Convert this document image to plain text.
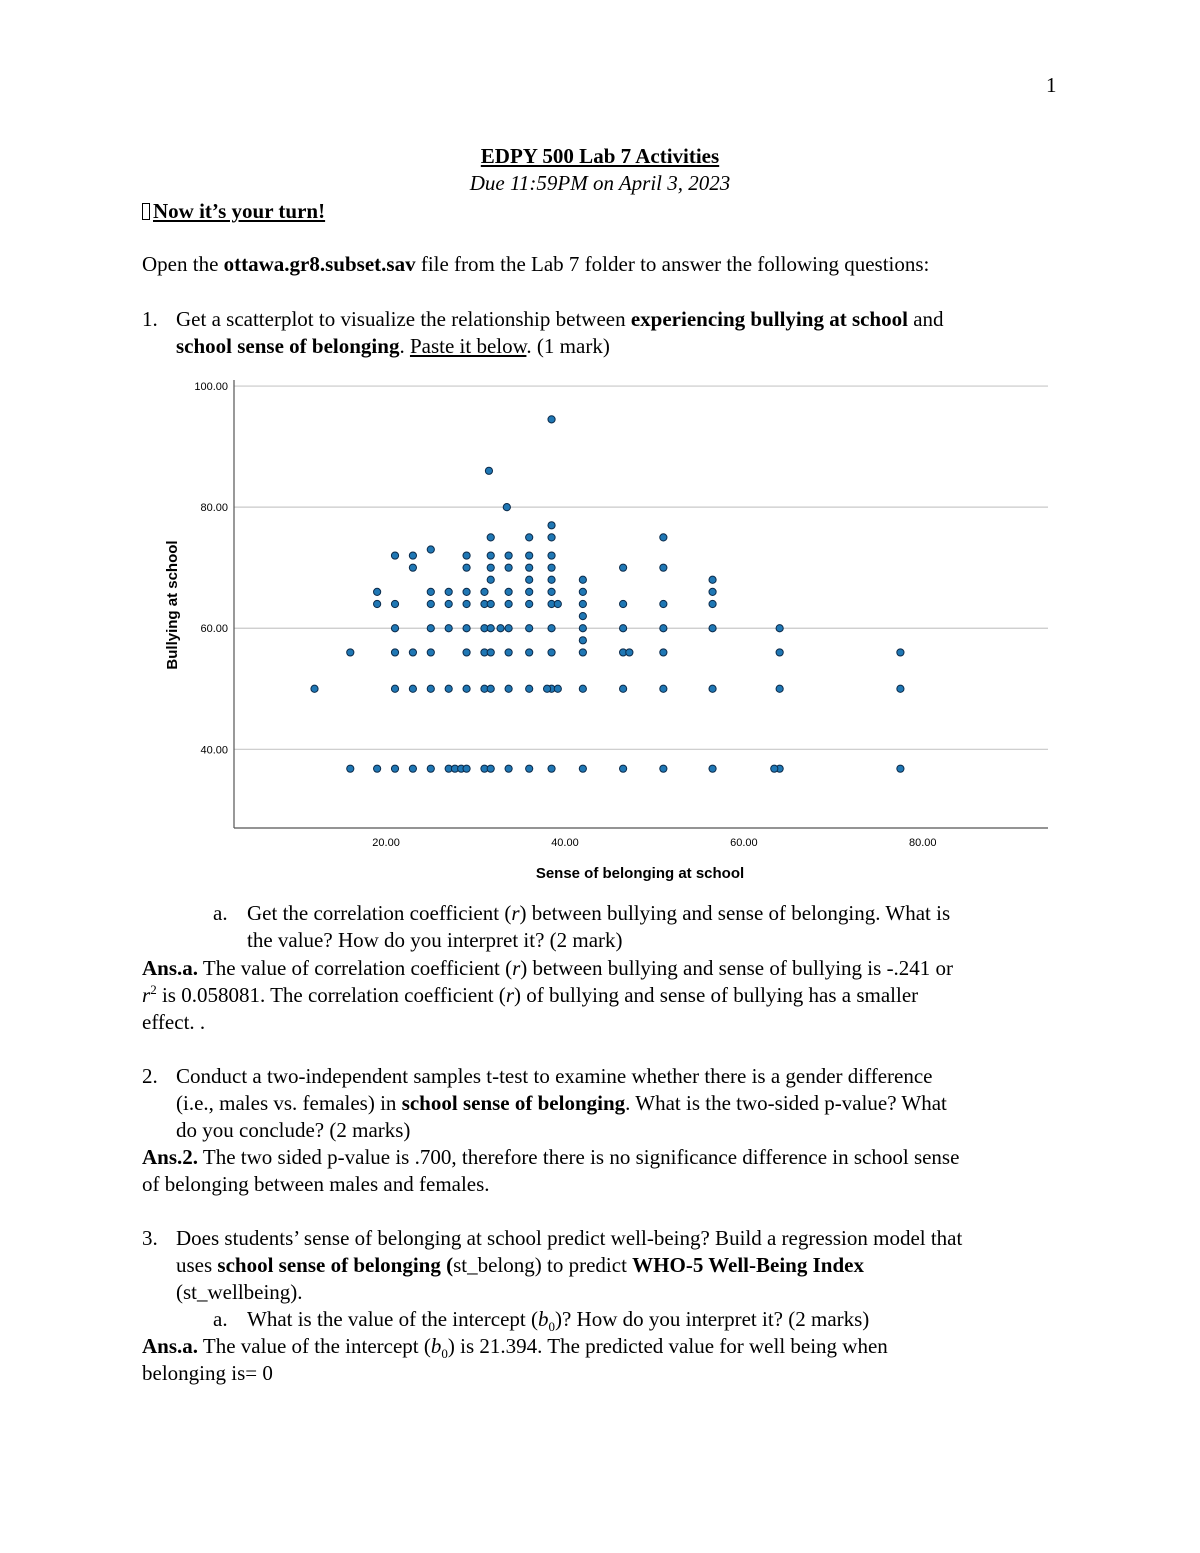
1
EDPY 500 Lab 7 Activities
Due 11:59PM on April 3, 2023
Now it’s your turn!
Open the ottawa.gr8.subset.sav file from the Lab 7 folder to answer the following questions:
1. Get a scatterplot to visualize the relationship between experiencing bullying at school and
school sense of belonging. Paste it below. (1 mark)
Bullying at school
Sense of belonging at school
40.00
60.00
80.00
100.00
20.00	40.00	60.00	80.00
a. Get the correlation coefficient (r) between bullying and sense of belonging. What is
the value? How do you interpret it? (2 mark)
Ans.a. The value of correlation coefficient (r) between bullying and sense of bullying is -.241 or
$r^2$ is 0.058081. The correlation coefficient (r) of bullying and sense of bullying has a smaller
effect. .
2. Conduct a two-independent samples t-test to examine whether there is a gender difference
(i.e., males vs. females) in school sense of belonging. What is the two-sided p-value? What
do you conclude? (2 marks)
Ans.2. The two sided p-value is .700, therefore there is no significance difference in school sense
of belonging between males and females.
3. Does students’ sense of belonging at school predict well-being? Build a regression model that
uses school sense of belonging (st_belong) to predict WHO-5 Well-Being Index
(st_wellbeing).
a. What is the value of the intercept $(b_0)$? How do you interpret it? (2 marks)
Ans.a. The value of the intercept $(b_0)$ is 21.394. The predicted value for well being when
belonging is= 0
